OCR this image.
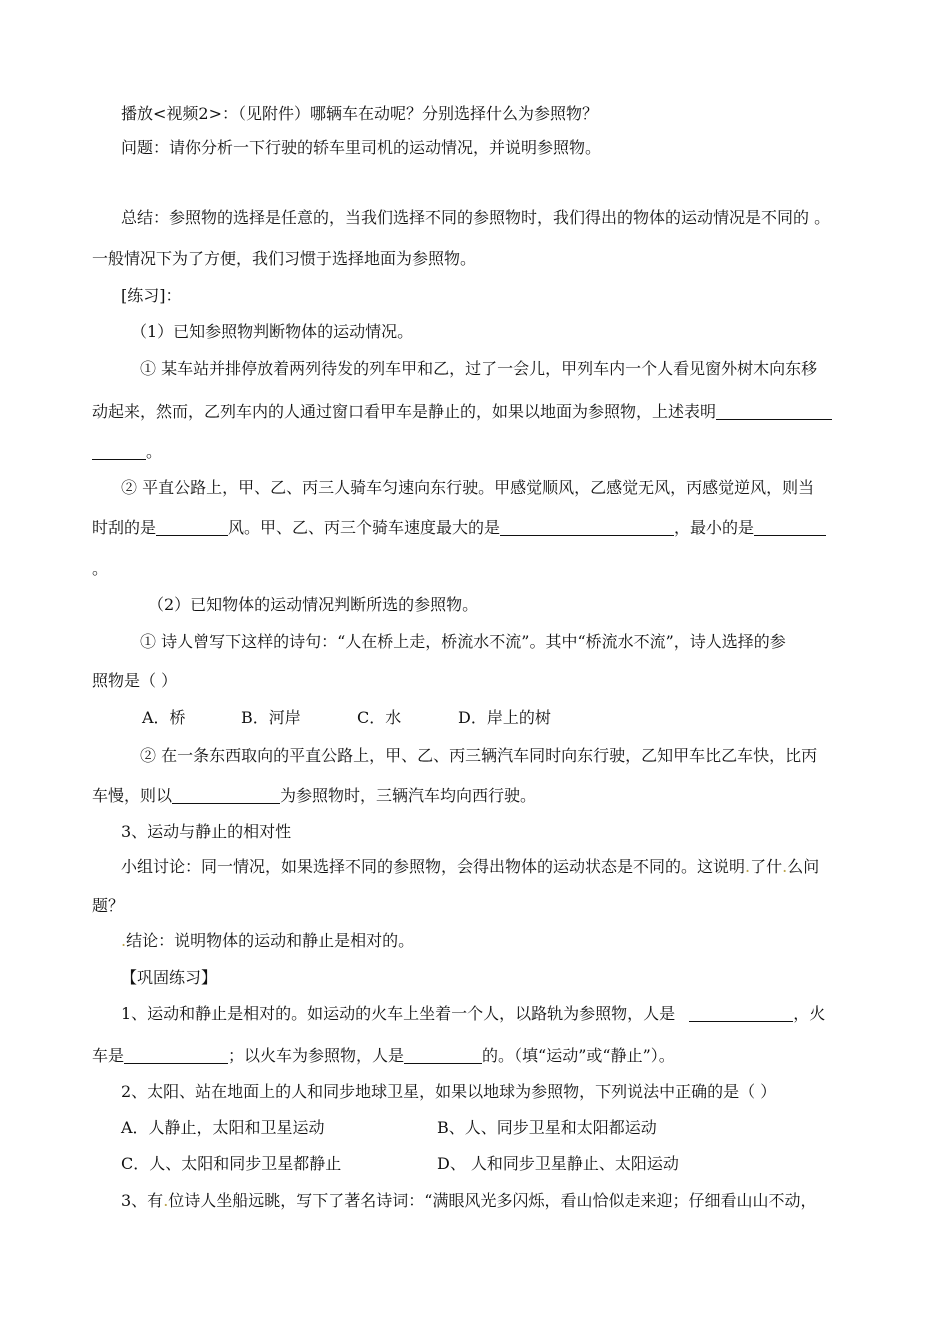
播放<视频2>：（见附件）哪辆车在动呢？分别选择什么为参照物？
问题：请你分析一下行驶的轿车里司机的运动情况，并说明参照物。
总结：参照物的选择是任意的，当我们选择不同的参照物时，我们得出的物体的运动情况是不同的 。
一般情况下为了方便，我们习惯于选择地面为参照物。
[练习]：
（1）已知参照物判断物体的运动情况。
① 某车站并排停放着两列待发的列车甲和乙，过了一会儿，甲列车内一个人看见窗外树木向东移
动起来，然而，乙列车内的人通过窗口看甲车是静止的，如果以地面为参照物，上述表明
。
② 平直公路上，甲、乙、丙三人骑车匀速向东行驶。甲感觉顺风，乙感觉无风，丙感觉逆风，则当
时刮的是	风。甲、乙、丙三个骑车速度最大的是	，最小的是
。
（2）已知物体的运动情况判断所选的参照物。
① 诗人曾写下这样的诗句：“人在桥上走，桥流水不流”。其中“桥流水不流”，诗人选择的参
照物是（ ）
A．桥	B．河岸	C．水	D．岸上的树
② 在一条东西取向的平直公路上，甲、乙、丙三辆汽车同时向东行驶，乙知甲车比乙车快，比丙
车慢，则以	为参照物时，三辆汽车均向西行驶。
3、运动与静止的相对性
小组讨论：同一情况，如果选择不同的参照物，会得出物体的运动状态是不同的。这说明.了什.么问
题？
.结论：说明物体的运动和静止是相对的。
【巩固练习】
1、运动和静止是相对的。如运动的火车上坐着一个人，以路轨为参照物，人是	，火
车是	；以火车为参照物，人是	的。（填“运动”或“静止”）。
2、太阳、站在地面上的人和同步地球卫星，如果以地球为参照物，下列说法中正确的是（ ）
A．人静止，太阳和卫星运动	B、人、同步卫星和太阳都运动
C．人、太阳和同步卫星都静止	D、 人和同步卫星静止、太阳运动
3、有.位诗人坐船远眺，写下了著名诗词：“满眼风光多闪烁，看山恰似走来迎；仔细看山山不动，
